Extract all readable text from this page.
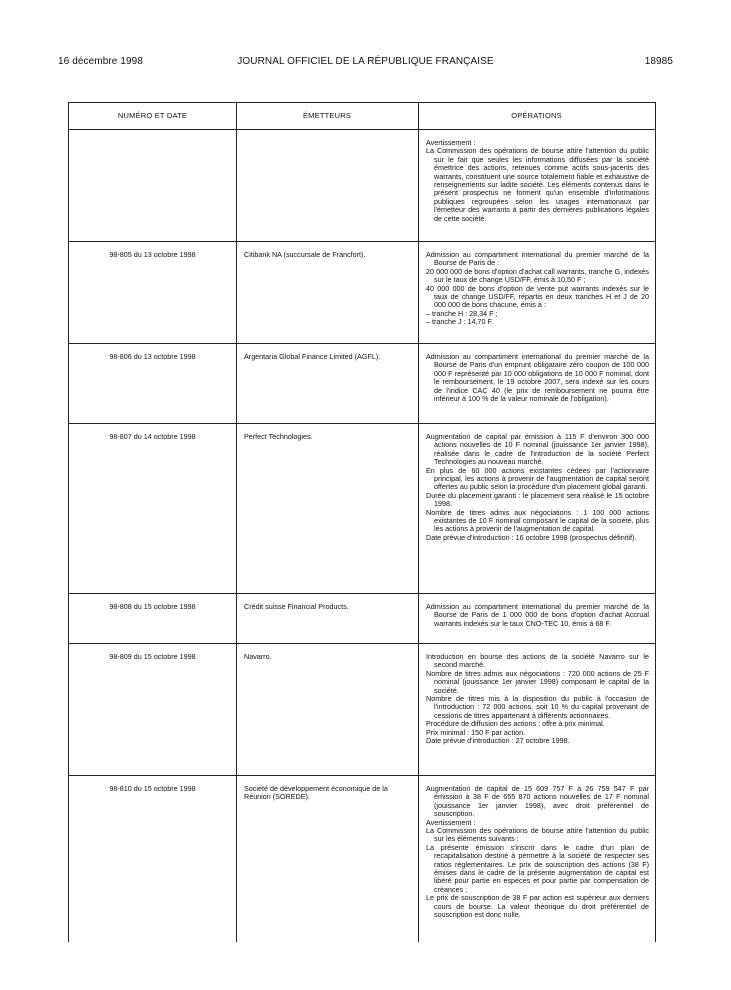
16 décembre 1998	JOURNAL OFFICIEL DE LA RÉPUBLIQUE FRANÇAISE	18985
NUMÉRO ET DATE	ÉMETTEURS	OPÉRATIONS

Avertissement :

La Commission des opérations de bourse attire l'attention du public sur le fait que seules les informations diffusées par la société émettrice des actions, retenues comme actifs sous-jacents des warrants, constituent une source totalement fiable et exhaustive de renseignements sur ladite société. Les éléments contenus dans le présent prospectus ne forment qu'un ensemble d'informations publiques regroupées selon les usages internationaux par l'émetteur des warrants à partir des dernières publications légales de cette société.

98-805 du 13 octobre 1998	Citibank NA (succursale de Francfort).	Admission au compartiment international du premier marché de la Bourse de Paris de :

20 000 000 de bons d'option d'achat call warrants, tranche G, indexés sur le taux de change USD/FF, émis à 10,50 F ;

40 000 000 de bons d'option de vente put warrants indexés sur le taux de change USD/FF, répartis en deux tranches H et J de 20 000 000 de bons chacune, émis à :

– tranche H : 28,34 F ;

– tranche J : 14,70 F.

98-806 du 13 octobre 1998	Argentaria Global Finance Limited (AGFL).	Admission au compartiment international du premier marché de la Bourse de Paris d'un emprunt obligataire zéro coupon de 100 000 000 F représenté par 10 000 obligations de 10 000 F nominal, dont le remboursement, le 19 octobre 2007, sera indexé sur les cours de l'indice CAC 40 (le prix de remboursement ne pourra être inférieur à 100 % de la valeur nominale de l'obligation).

98-807 du 14 octobre 1998	Perfect Technologies.	Augmentation de capital par émission à 115 F d'environ 300 000 actions nouvelles de 10 F nominal (jouissance 1er janvier 1998), réalisée dans le cadre de l'introduction de la société Perfect Technologies au nouveau marché.

En plus de 60 000 actions existantes cédées par l'actionnaire principal, les actions à provenir de l'augmentation de capital seront offertes au public selon la procédure d'un placement global garanti.

Durée du placement garanti : le placement sera réalisé le 15 octobre 1998.

Nombre de titres admis aux négociations : 1 100 000 actions existantes de 10 F nominal composant le capital de la société, plus les actions à provenir de l'augmentation de capital.

Date prévue d'introduction : 16 octobre 1998 (prospectus définitif).

98-808 du 15 octobre 1998	Crédit suisse Financial Products.	Admission au compartiment international du premier marché de la Bourse de Paris de 1 000 000 de bons d'option d'achat Accrual warrants indexés sur le taux CNO-TEC 10, émis à 68 F.

98-809 du 15 octobre 1998	Navarro.	Introduction en bourse des actions de la société Navarro sur le second marché.

Nombre de titres admis aux négociations : 720 000 actions de 25 F nominal (jouissance 1er janvier 1998) composant le capital de la société.

Nombre de titres mis à la disposition du public à l'occasion de l'introduction : 72 000 actions, soit 10 % du capital provenant de cessions de titres appartenant à différents actionnaires.

Procédure de diffusion des actions : offre à prix minimal.

Prix minimal : 150 F par action.

Date prévue d'introduction : 27 octobre 1998.

98-810 du 15 octobre 1998	Société de développement économique de la Réunion (SOREDE).

Augmentation de capital de 15 609 757 F à 26 759 547 F par émission à 38 F de 655 870 actions nouvelles de 17 F nominal (jouissance 1er janvier 1998), avec droit préférentiel de souscription.

Avertissement :

La Commission des opérations de bourse attire l'attention du public sur les éléments suivants :

La présente émission s'inscrit dans le cadre d'un plan de recapitalisation destiné à permettre à la société de respecter ses ratios réglementaires. Le prix de souscription des actions (38 F) émises dans le cadre de la présente augmentation de capital est libéré pour partie en espèces et pour partie par compensation de créances ;

Le prix de souscription de 38 F par action est supérieur aux derniers cours de bourse. La valeur théorique du droit préférentiel de souscription est donc nulle.
